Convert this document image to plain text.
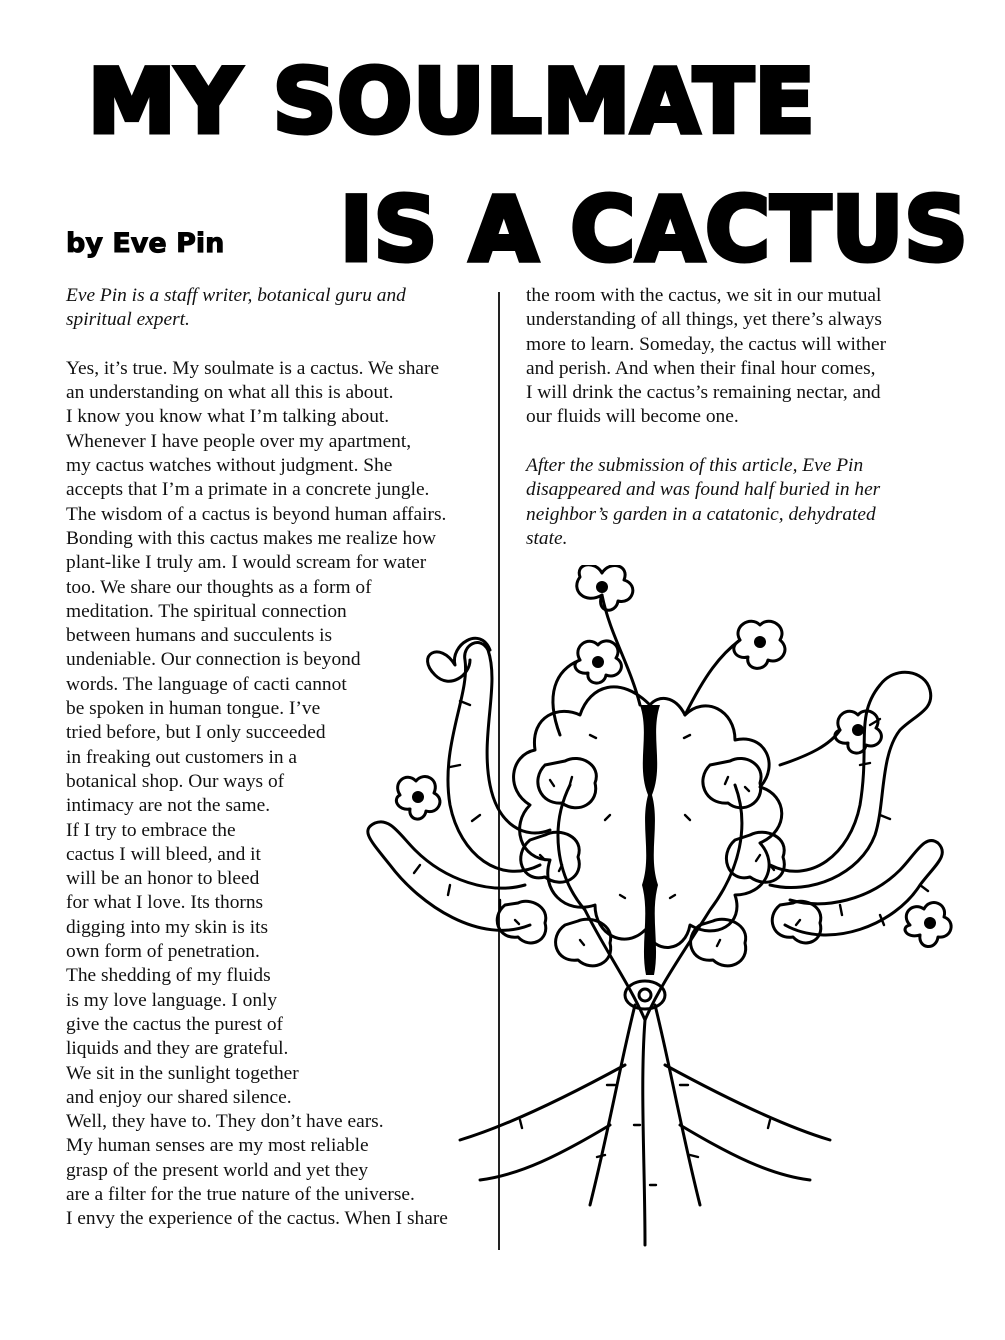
MY SOULMATE
IS A CACTUS
by Eve Pin
Eve Pin is a staff writer, botanical guru and
spiritual expert.
Yes, it’s true. My soulmate is a cactus. We share
an understanding on what all this is about.
I know you know what I’m talking about.
Whenever I have people over my apartment,
my cactus watches without judgment. She
accepts that I’m a primate in a concrete jungle.
The wisdom of a cactus is beyond human affairs.
Bonding with this cactus makes me realize how
plant-like I truly am. I would scream for water
too. We share our thoughts as a form of
meditation. The spiritual connection
between humans and succulents is
undeniable. Our connection is beyond
words. The language of cacti cannot
be spoken in human tongue. I’ve
tried before, but I only succeeded
in freaking out customers in a
botanical shop. Our ways of
intimacy are not the same.
If I try to embrace the
cactus I will bleed, and it
will be an honor to bleed
for what I love. Its thorns
digging into my skin is its
own form of penetration.
The shedding of my fluids
is my love language. I only
give the cactus the purest of
liquids and they are grateful.
We sit in the sunlight together
and enjoy our shared silence.
Well, they have to. They don’t have ears.
My human senses are my most reliable
grasp of the present world and yet they
are a filter for the true nature of the universe.
I envy the experience of the cactus. When I share
the room with the cactus, we sit in our mutual
understanding of all things, yet there’s always
more to learn. Someday, the cactus will wither
and perish. And when their final hour comes,
I will drink the cactus’s remaining nectar, and
our fluids will become one.
After the submission of this article, Eve Pin
disappeared and was found half buried in her
neighbor’s garden in a catatonic, dehydrated
state.
